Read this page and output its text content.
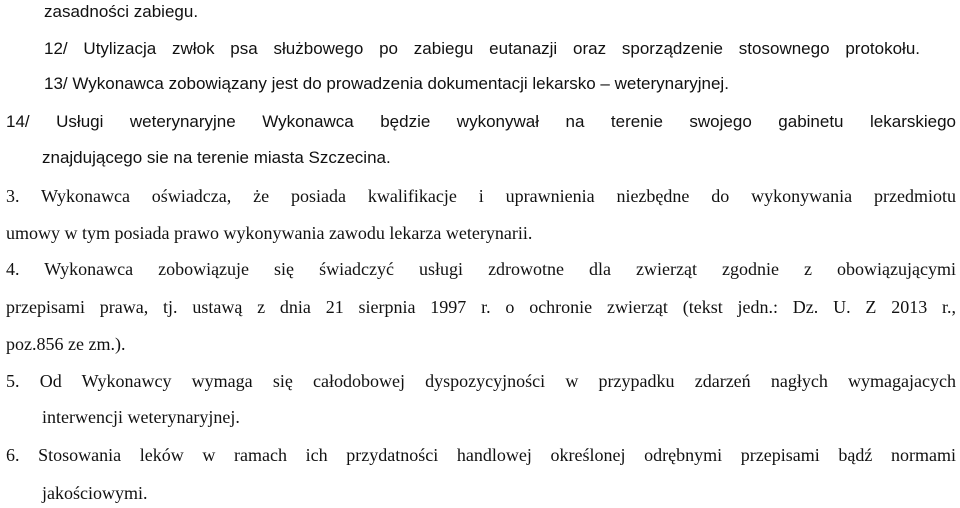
zasadności zabiegu.
12/ Utylizacja zwłok psa służbowego po zabiegu eutanazji oraz sporządzenie stosownego protokołu.
13/ Wykonawca zobowiązany jest do prowadzenia dokumentacji lekarsko – weterynaryjnej.
14/ Usługi weterynaryjne Wykonawca będzie wykonywał na terenie swojego gabinetu lekarskiego
znajdującego sie na terenie miasta Szczecina.
3. Wykonawca oświadcza, że posiada kwalifikacje i uprawnienia niezbędne do wykonywania przedmiotu
umowy w tym posiada prawo wykonywania zawodu lekarza weterynarii.
4. Wykonawca zobowiązuje się świadczyć usługi zdrowotne dla zwierząt zgodnie z obowiązującymi
przepisami prawa, tj. ustawą z dnia 21 sierpnia 1997 r. o ochronie zwierząt (tekst jedn.: Dz. U. Z 2013 r.,
poz.856 ze zm.).
5. Od Wykonawcy wymaga się całodobowej dyspozycyjności w przypadku zdarzeń nagłych wymagajacych
interwencji weterynaryjnej.
6. Stosowania leków w ramach ich przydatności handlowej określonej odrębnymi przepisami bądź normami
jakościowymi.
